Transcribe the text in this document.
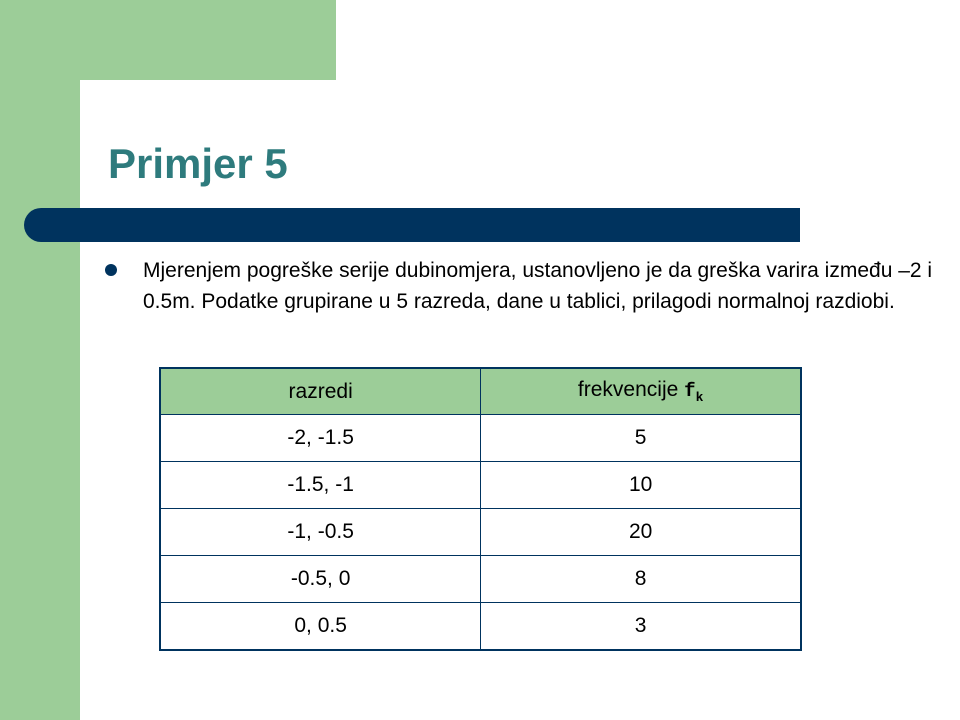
Primjer 5

Mjerenjem pogreške serije dubinomjera, ustanovljeno je da greška varira između –2 i 0.5m. Podatke grupirane u 5 razreda, dane u tablici, prilagodi normalnoj razdiobi.

razredi	frekvencije $f_k$
-2, -1.5	5
-1.5, -1	10
-1, -0.5	20
-0.5, 0	8
0, 0.5	3
